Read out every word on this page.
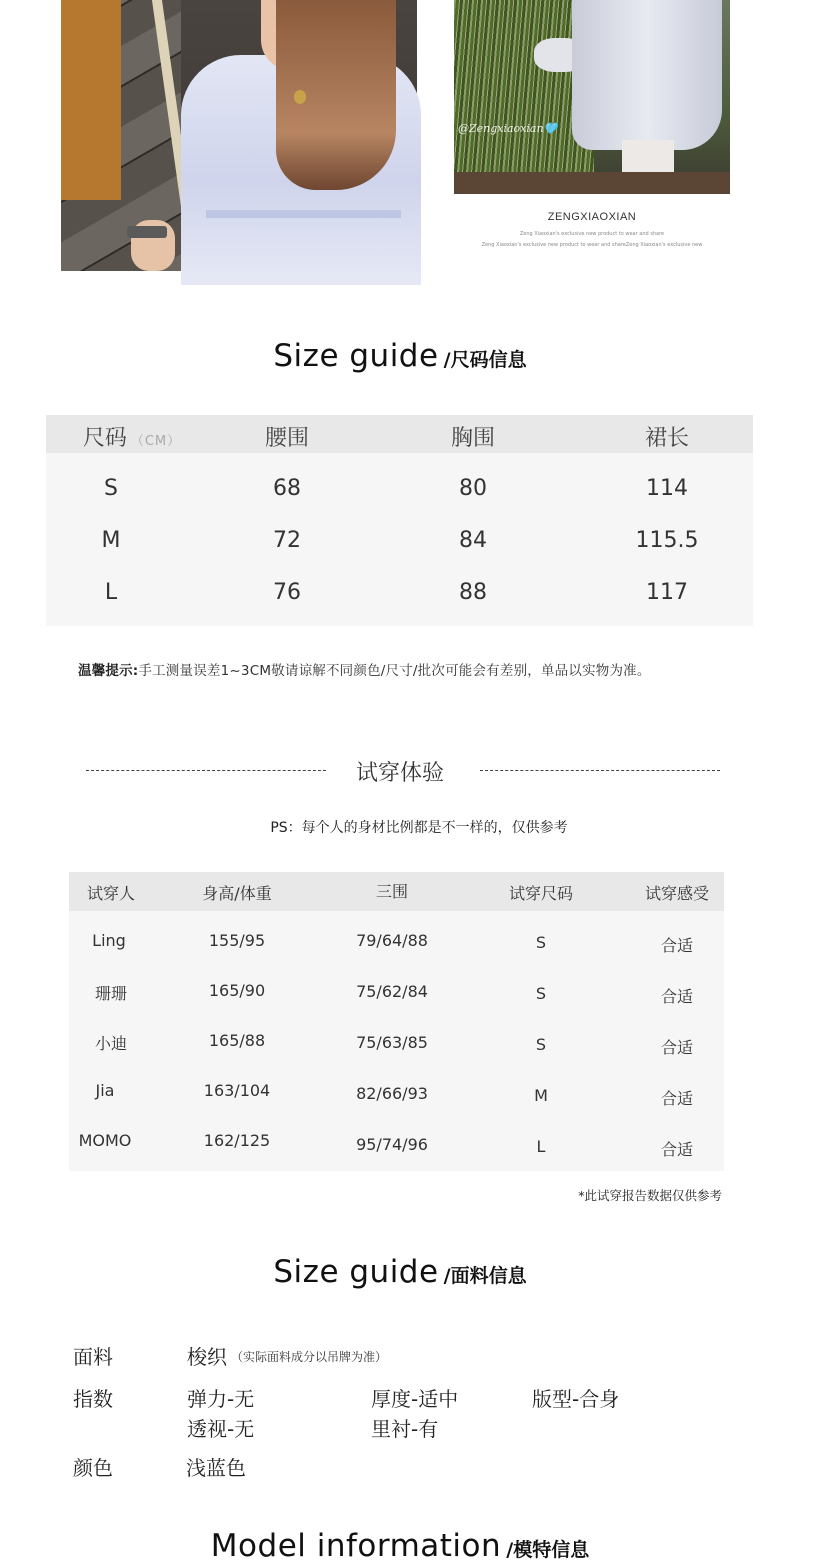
@Zengxiaoxian🩵
ZENGXIAOXIAN
Zeng Xiaoxian's exclusive new product to wear and share
Zeng Xiaoxian's exclusive new product to wear and shareZeng Xiaoxian's exclusive new
Size guide /尺码信息
尺码 （CM）	腰围	胸围	裙长
S	68	80	114
M	72	84	115.5
L	76	88	117
温馨提示:手工测量误差1~3CM敬请谅解不同颜色/尺寸/批次可能会有差别，单品以实物为准。
试穿体验
PS：每个人的身材比例都是不一样的，仅供参考
试穿人	身高/体重	三围	试穿尺码	试穿感受
Ling	155/95	79/64/88	S	合适
珊珊	165/90	75/62/84	S	合适
小迪	165/88	75/63/85	S	合适
Jia	163/104	82/66/93	M	合适
MOMO	162/125	95/74/96	L	合适
*此试穿报告数据仅供参考
Size guide /面料信息
面料	梭织 （实际面料成分以吊牌为准）
指数	弹力-无	厚度-适中	版型-合身
透视-无	里衬-有
颜色	浅蓝色
Model information /模特信息
